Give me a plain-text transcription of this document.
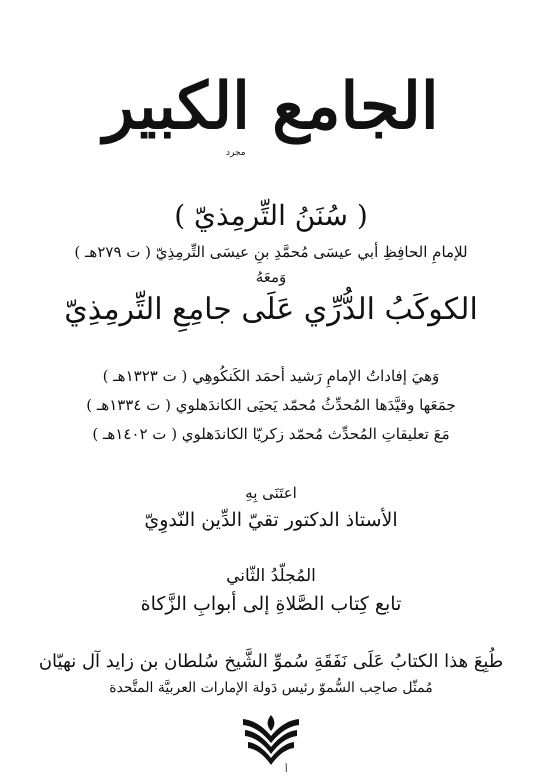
الجامع الكبير
مجرد
( سُنَنُ التِّرمِذيّ )
للإمامِ الحافِظِ أبي عيسَى مُحمَّدِ بنِ عيسَى التِّرمِذِيّ ( ت ٢٧٩هـ )
وَمعَهُ
الكوكَبُ الدُّرِّي عَلَى جامِعِ التِّرمِذِيّ
وَهيَ إفاداتُ الإمامِ رَشيد أحمَد الكَنكُوهِي ( ت ١٣٢٣هـ )
جمَعَها وقيَّدَها المُحدِّثُ مُحمّد يَحيَى الكاندَهلوي ( ت ١٣٣٤هـ )
مَعَ تعليقاتِ المُحدِّث مُحمّد زكريّا الكاندَهلوي ( ت ١٤٠٢هـ )
اعتَنَى بِهِ
الأستاذ الدكتور تقيّ الدِّين النّدوِيّ
المُجلّدُ الثّاني
تابع كِتاب الصَّلاةِ إلى أبوابِ الزَّكاة
طُبِعَ هذا الكتابُ عَلَى نَفَقَةِ سُموِّ الشَّيخ سُلطان بن زايد آل نهيّان
مُمثّل صاحِب السُّموّ رئيس دَولة الإمارات العربيَّة المتَّحدة
أ
